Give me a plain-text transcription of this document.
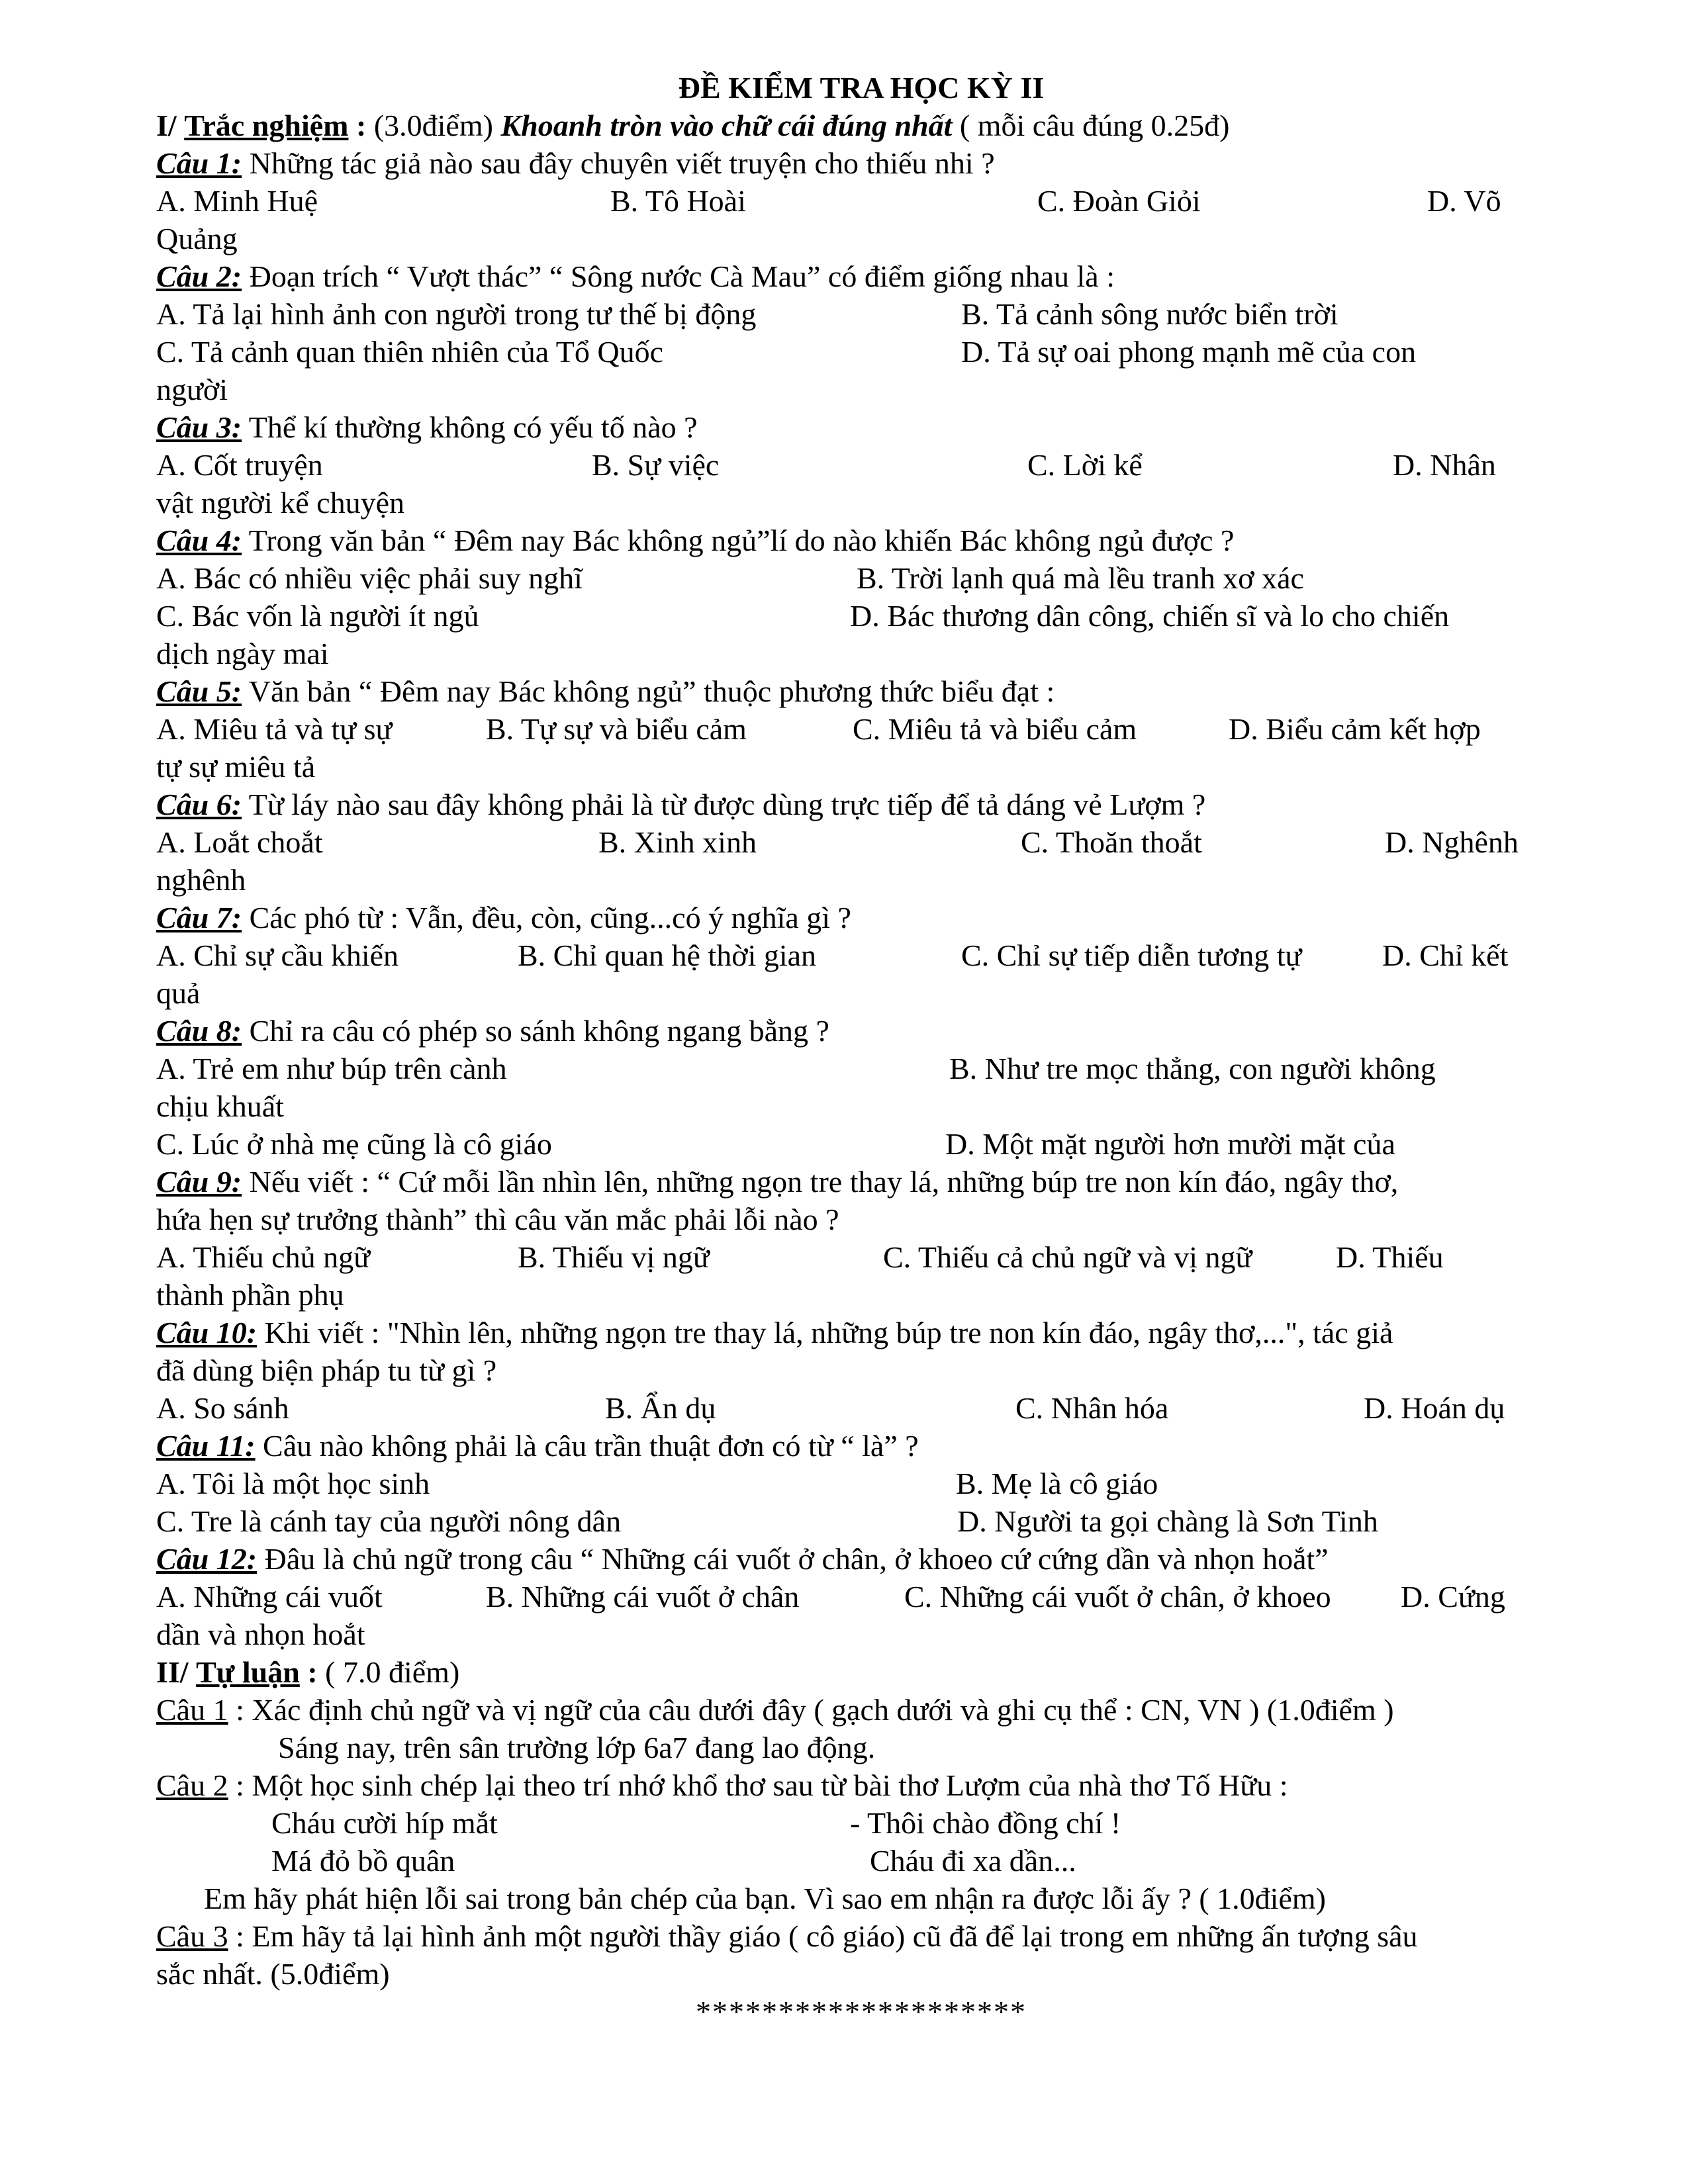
ĐỀ KIỂM TRA HỌC KỲ II
I/ Trắc nghiệm : (3.0điểm) Khoanh tròn vào chữ cái đúng nhất ( mỗi câu đúng 0.25đ)
Câu 1: Những tác giả nào sau đây chuyên viết truyện cho thiếu nhi ?
A. Minh Huệ	B. Tô Hoài	C. Đoàn Giỏi	D. Võ
Quảng
Câu 2: Đoạn trích “ Vượt thác” “ Sông nước Cà Mau” có điểm giống nhau là :
A. Tả lại hình ảnh con người trong tư thế bị động	B. Tả cảnh sông nước biển trời
C. Tả cảnh quan thiên nhiên của Tổ Quốc	D. Tả sự oai phong mạnh mẽ của con
người
Câu 3: Thể kí thường không có yếu tố nào ?
A. Cốt truyện	B. Sự việc	C. Lời kể	D. Nhân
vật người kể chuyện
Câu 4: Trong văn bản “ Đêm nay Bác không ngủ”lí do nào khiến Bác không ngủ được ?
A. Bác có nhiều việc phải suy nghĩ	B. Trời lạnh quá mà lều tranh xơ xác
C. Bác vốn là người ít ngủ	D. Bác thương dân công, chiến sĩ và lo cho chiến
dịch ngày mai
Câu 5: Văn bản “ Đêm nay Bác không ngủ” thuộc phương thức biểu đạt :
A. Miêu tả và tự sự	B. Tự sự và biểu cảm	C. Miêu tả và biểu cảm	D. Biểu cảm kết hợp
tự sự miêu tả
Câu 6: Từ láy nào sau đây không phải là từ được dùng trực tiếp để tả dáng vẻ Lượm ?
A. Loắt choắt	B. Xinh xinh	C. Thoăn thoắt	D. Nghênh
nghênh
Câu 7: Các phó từ : Vẫn, đều, còn, cũng...có ý nghĩa gì ?
A. Chỉ sự cầu khiến	B. Chỉ quan hệ thời gian	C. Chỉ sự tiếp diễn tương tự	D. Chỉ kết
quả
Câu 8: Chỉ ra câu có phép so sánh không ngang bằng ?
A. Trẻ em như búp trên cành	B. Như tre mọc thẳng, con người không
chịu khuất
C. Lúc ở nhà mẹ cũng là cô giáo	D. Một mặt người hơn mười mặt của
Câu 9: Nếu viết : “ Cứ mỗi lần nhìn lên, những ngọn tre thay lá, những búp tre non kín đáo, ngây thơ,
hứa hẹn sự trưởng thành” thì câu văn mắc phải lỗi nào ?
A. Thiếu chủ ngữ	B. Thiếu vị ngữ	C. Thiếu cả chủ ngữ và vị ngữ	D. Thiếu
thành phần phụ
Câu 10: Khi viết : "Nhìn lên, những ngọn tre thay lá, những búp tre non kín đáo, ngây thơ,...", tác giả
đã dùng biện pháp tu từ gì ?
A. So sánh	B. Ẩn dụ	C. Nhân hóa	D. Hoán dụ
Câu 11: Câu nào không phải là câu trần thuật đơn có từ “ là” ?
A. Tôi là một học sinh	B. Mẹ là cô giáo
C. Tre là cánh tay của người nông dân	D. Người ta gọi chàng là Sơn Tinh
Câu 12: Đâu là chủ ngữ trong câu “ Những cái vuốt ở chân, ở khoeo cứ cứng dần và nhọn hoắt”
A. Những cái vuốt	B. Những cái vuốt ở chân	C. Những cái vuốt ở chân, ở khoeo D. Cứng
dần và nhọn hoắt
II/ Tự luận : ( 7.0 điểm)
Câu 1 : Xác định chủ ngữ và vị ngữ của câu dưới đây ( gạch dưới và ghi cụ thể : CN, VN ) (1.0điểm )
Sáng nay, trên sân trường lớp 6a7 đang lao động.
Câu 2 : Một học sinh chép lại theo trí nhớ khổ thơ sau từ bài thơ Lượm của nhà thơ Tố Hữu :
Cháu cười híp mắt	- Thôi chào đồng chí !
Má đỏ bồ quân	Cháu đi xa dần...
Em hãy phát hiện lỗi sai trong bản chép của bạn. Vì sao em nhận ra được lỗi ấy ? ( 1.0điểm)
Câu 3 : Em hãy tả lại hình ảnh một người thầy giáo ( cô giáo) cũ đã để lại trong em những ấn tượng sâu
sắc nhất. (5.0điểm)
********************
